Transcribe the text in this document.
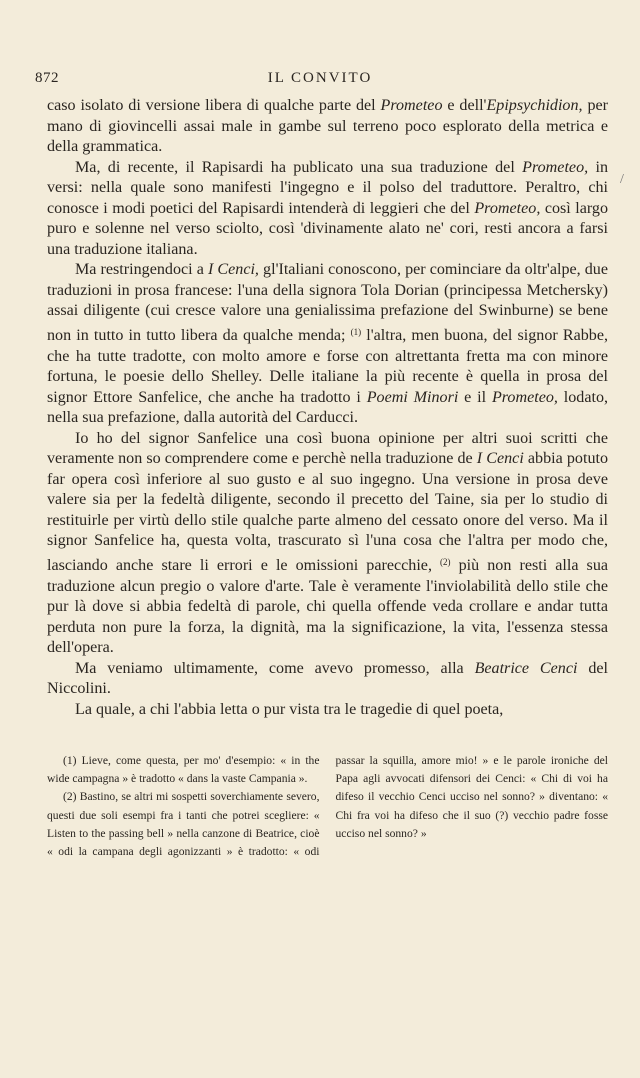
872	IL CONVITO

caso isolato di versione libera di qualche parte del Prometeo e dell'Epipsychidion, per mano di giovincelli assai male in gambe sul terreno poco esplorato della metrica e della grammatica.

Ma, di recente, il Rapisardi ha publicato una sua traduzione del Prometeo, in versi: nella quale sono manifesti l'ingegno e il polso del traduttore. Peraltro, chi conosce i modi poetici del Rapisardi intenderà di leggieri che del Prometeo, così largo puro e solenne nel verso sciolto, così 'divinamente alato ne' cori, resti ancora a farsi una traduzione italiana.

Ma restringendoci a I Cenci, gl'Italiani conoscono, per cominciare da oltr'alpe, due traduzioni in prosa francese: l'una della signora Tola Dorian (principessa Metchersky) assai diligente (cui cresce valore una genialissima prefazione del Swinburne) se bene non in tutto in tutto libera da qualche menda; $^{(1)}$ l'altra, men buona, del signor Rabbe, che ha tutte tradotte, con molto amore e forse con altrettanta fretta ma con minore fortuna, le poesie dello Shelley. Delle italiane la più recente è quella in prosa del signor Ettore Sanfelice, che anche ha tradotto i Poemi Minori e il Prometeo, lodato, nella sua prefazione, dalla autorità del Carducci.

Io ho del signor Sanfelice una così buona opinione per altri suoi scritti che veramente non so comprendere come e perchè nella traduzione de I Cenci abbia potuto far opera così inferiore al suo gusto e al suo ingegno. Una versione in prosa deve valere sia per la fedeltà diligente, secondo il precetto del Taine, sia per lo studio di restituirle per virtù dello stile qualche parte almeno del cessato onore del verso. Ma il signor Sanfelice ha, questa volta, trascurato sì l'una cosa che l'altra per modo che, lasciando anche stare li errori e le omissioni parecchie, $^{(2)}$ più non resti alla sua traduzione alcun pregio o valore d'arte. Tale è veramente l'inviolabilità dello stile che pur là dove si abbia fedeltà di parole, chi quella offende veda crollare e andar tutta perduta non pure la forza, la dignità, ma la significazione, la vita, l'essenza stessa dell'opera.

Ma veniamo ultimamente, come avevo promesso, alla Beatrice Cenci del Niccolini.

La quale, a chi l'abbia letta o pur vista tra le tragedie di quel poeta,

(1) Lieve, come questa, per mo' d'esempio: « in the wide campagna » è tradotto « dans la vaste Campania ».

(2) Bastino, se altri mi sospetti soverchiamente severo, questi due soli esempi fra i tanti che potrei scegliere: « Listen to the passing bell » nella canzone di Beatrice, cioè « odi la campana degli agonizzanti » è tradotto: « odi passar la squilla, amore mio! » e le parole ironiche del Papa agli avvocati difensori dei Cenci: « Chi di voi ha difeso il vecchio Cenci ucciso nel sonno? » diventano: « Chi fra voi ha difeso che il suo (?) vecchio padre fosse ucciso nel sonno? »

/
